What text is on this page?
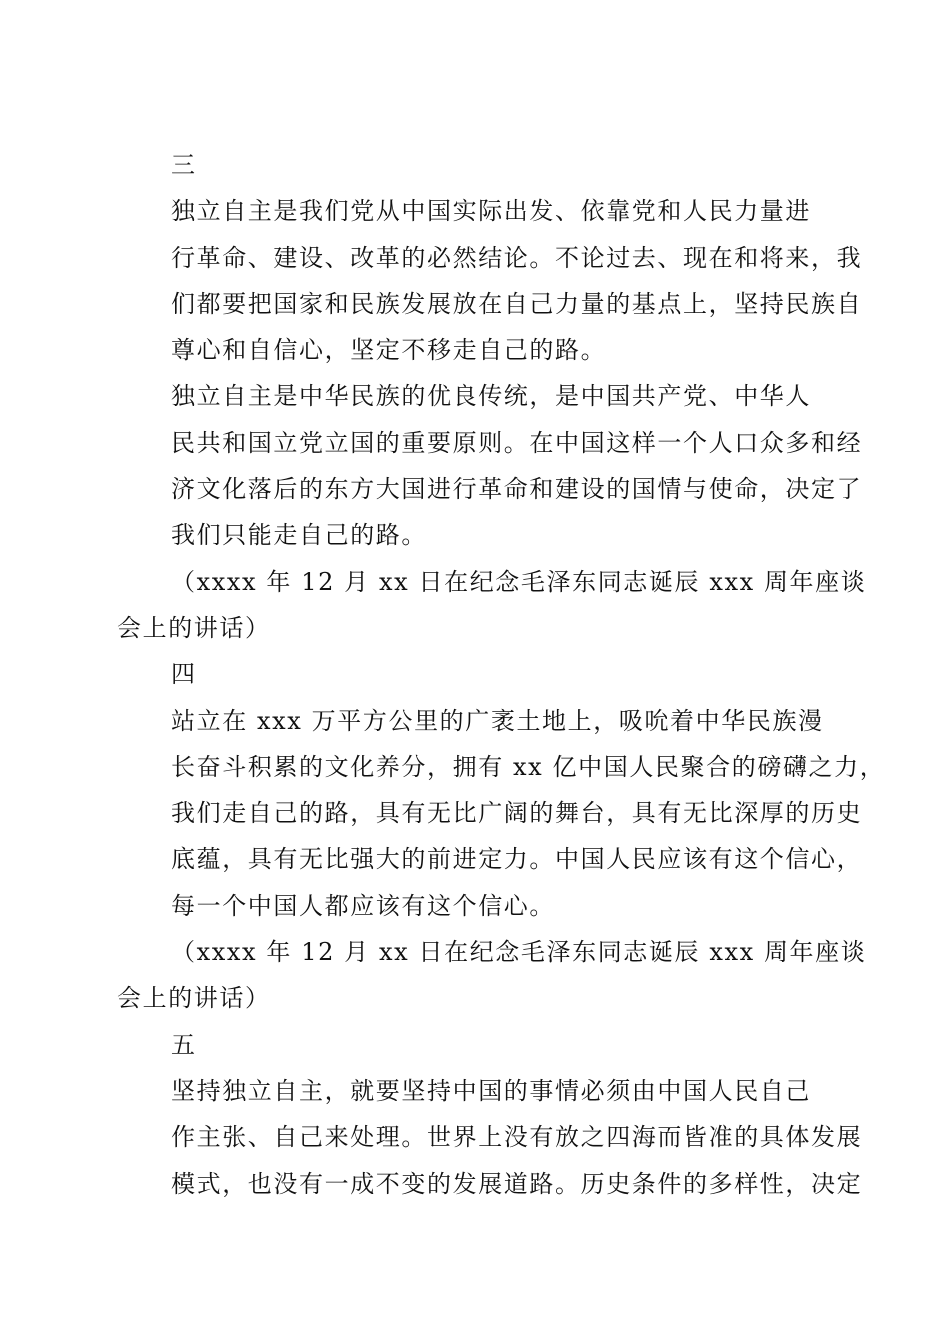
三

独立自主是我们党从中国实际出发、依靠党和人民力量进
行革命、建设、改革的必然结论。不论过去、现在和将来，我
们都要把国家和民族发展放在自己力量的基点上，坚持民族自
尊心和自信心，坚定不移走自己的路。

独立自主是中华民族的优良传统，是中国共产党、中华人
民共和国立党立国的重要原则。在中国这样一个人口众多和经
济文化落后的东方大国进行革命和建设的国情与使命，决定了
我们只能走自己的路。

（xxxx 年 12 月 xx 日在纪念毛泽东同志诞辰 xxx 周年座谈

会上的讲话）

四

站立在 xxx 万平方公里的广袤土地上，吸吮着中华民族漫
长奋斗积累的文化养分，拥有 xx 亿中国人民聚合的磅礴之力，
我们走自己的路，具有无比广阔的舞台，具有无比深厚的历史
底蕴，具有无比强大的前进定力。中国人民应该有这个信心，
每一个中国人都应该有这个信心。

（xxxx 年 12 月 xx 日在纪念毛泽东同志诞辰 xxx 周年座谈

会上的讲话）

五

坚持独立自主，就要坚持中国的事情必须由中国人民自己
作主张、自己来处理。世界上没有放之四海而皆准的具体发展
模式，也没有一成不变的发展道路。历史条件的多样性，决定
